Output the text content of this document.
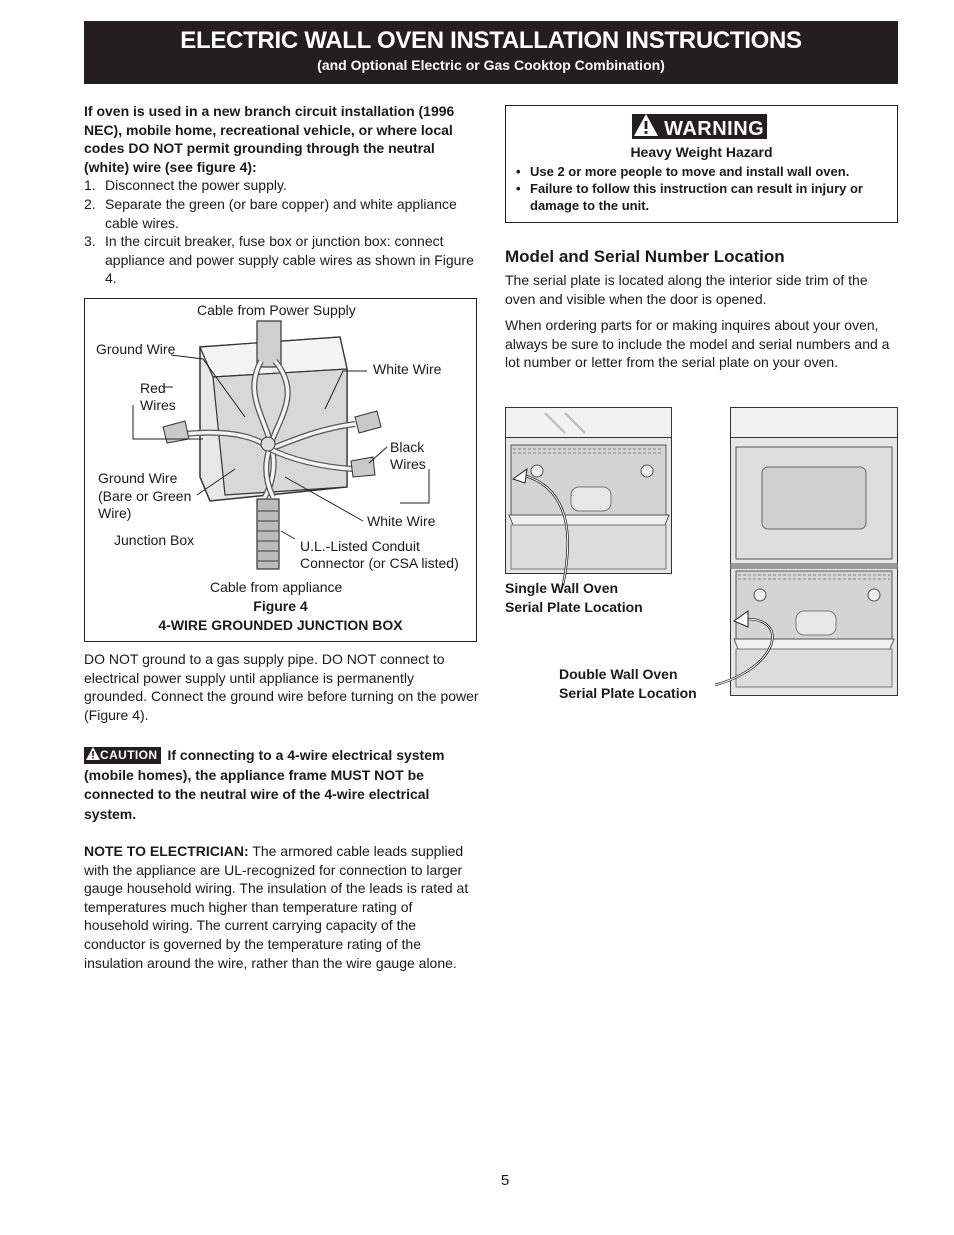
ELECTRIC WALL OVEN INSTALLATION INSTRUCTIONS
(and Optional Electric or Gas Cooktop Combination)
If oven is used in a new branch circuit installation (1996 NEC), mobile home, recreational vehicle, or where local codes DO NOT permit grounding through the neutral (white) wire (see figure 4):
1. Disconnect the power supply.
2. Separate the green (or bare copper) and white appliance cable wires.
3. In the circuit breaker, fuse box or junction box: connect appliance and power supply cable wires as shown in Figure 4.
Cable from Power Supply
Ground Wire
White Wire
Red
Wires
Black
Wires
Ground Wire
(Bare or Green
Wire)	White Wire
Junction Box	U.L.-Listed Conduit
Connector (or CSA listed)
Cable from appliance
Figure 4
4-WIRE GROUNDED JUNCTION BOX
DO NOT ground to a gas supply pipe. DO NOT connect to electrical power supply until appliance is permanently grounded. Connect the ground wire before turning on the power (Figure 4).
CAUTION If connecting to a 4-wire electrical system (mobile homes), the appliance frame MUST NOT be connected to the neutral wire of the 4-wire electrical system.
NOTE TO ELECTRICIAN: The armored cable leads supplied with the appliance are UL-recognized for connection to larger gauge household wiring. The insulation of the leads is rated at temperatures much higher than temperature rating of household wiring. The current carrying capacity of the conductor is governed by the temperature rating of the insulation around the wire, rather than the wire gauge alone.
WARNING
Heavy Weight Hazard
• Use 2 or more people to move and install wall oven.
• Failure to follow this instruction can result in injury or damage to the unit.
Model and Serial Number Location
The serial plate is located along the interior side trim of the oven and visible when the door is opened.
When ordering parts for or making inquires about your oven, always be sure to include the model and serial numbers and a lot number or letter from the serial plate on your oven.
Single Wall Oven
Serial Plate Location
Double Wall Oven
Serial Plate Location
5
